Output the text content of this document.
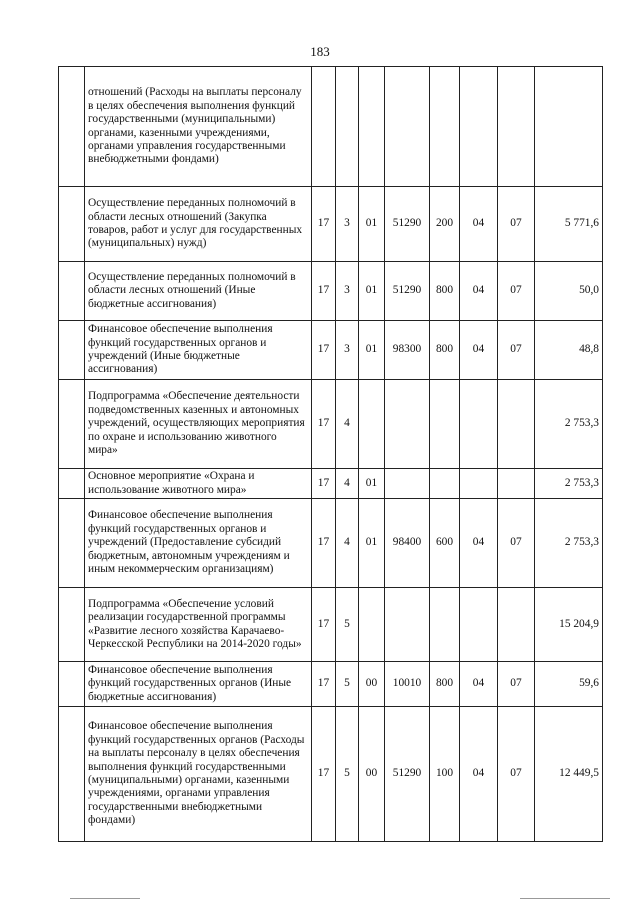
183
	отношений (Расходы на выплаты персоналу в целях обеспечения выполнения функций государственными (муниципальными) органами, казенными учреждениями, органами управления государственными внебюджетными фондами)								
	Осуществление переданных полномочий в области лесных отношений (Закупка товаров, работ и услуг для государственных (муниципальных) нужд)	17	3	01	51290	200	04	07	5 771,6
	Осуществление переданных полномочий в области лесных отношений (Иные бюджетные ассигнования)	17	3	01	51290	800	04	07	50,0
	Финансовое обеспечение выполнения функций государственных органов и учреждений (Иные бюджетные ассигнования)	17	3	01	98300	800	04	07	48,8
	Подпрограмма «Обеспечение деятельности подведомственных казенных и автономных учреждений, осуществляющих мероприятия по охране и использованию животного мира»	17	4						2 753,3
	Основное мероприятие «Охрана и использование животного мира»	17	4	01					2 753,3
	Финансовое обеспечение выполнения функций государственных органов и учреждений (Предоставление субсидий бюджетным, автономным учреждениям и иным некоммерческим организациям)	17	4	01	98400	600	04	07	2 753,3
	Подпрограмма «Обеспечение условий реализации государственной программы «Развитие лесного хозяйства Карачаево-Черкесской Республики на 2014-2020 годы»	17	5						15 204,9
	Финансовое обеспечение выполнения функций государственных органов (Иные бюджетные ассигнования)	17	5	00	10010	800	04	07	59,6
	Финансовое обеспечение выполнения функций государственных органов (Расходы на выплаты персоналу в целях обеспечения выполнения функций государственными (муниципальными) органами, казенными учреждениями, органами управления государственными внебюджетными фондами)	17	5	00	51290	100	04	07	12 449,5
